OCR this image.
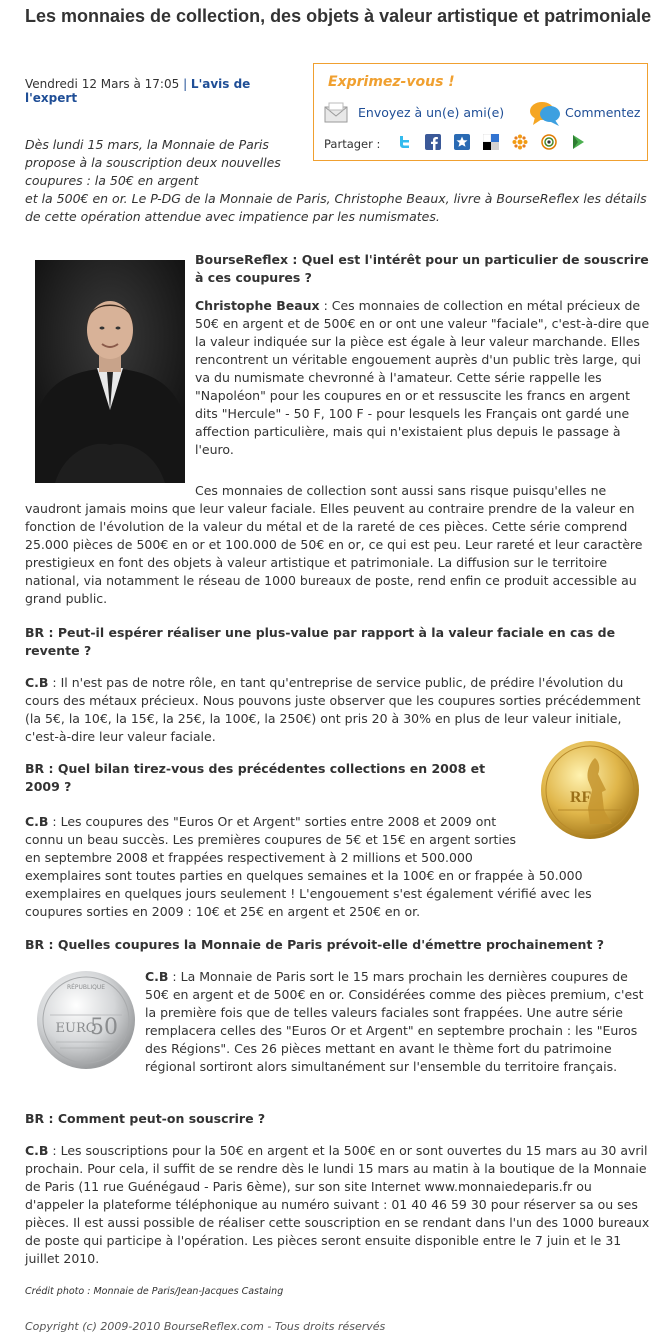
Les monnaies de collection, des objets à valeur artistique et patrimoniale
Vendredi 12 Mars à 17:05 | L'avis de l'expert
Exprimez-vous !
Envoyez à un(e) ami(e)	Commentez
Partager :
Dès lundi 15 mars, la Monnaie de Paris propose à la souscription deux nouvelles coupures : la 50€ en argent
et la 500€ en or. Le P-DG de la Monnaie de Paris, Christophe Beaux, livre à BourseReflex les détails de cette opération attendue avec impatience par les numismates.

BourseReflex : Quel est l'intérêt pour un particulier de souscrire à ces coupures ?

Christophe Beaux : Ces monnaies de collection en métal précieux de 50€ en argent et de 500€ en or ont une valeur "faciale", c'est-à-dire que la valeur indiquée sur la pièce est égale à leur valeur marchande. Elles rencontrent un véritable engouement auprès d'un public très large, qui va du numismate chevronné à l'amateur. Cette série rappelle les "Napoléon" pour les coupures en or et ressuscite les francs en argent dits "Hercule" - 50 F, 100 F - pour lesquels les Français ont gardé une affection particulière, mais qui n'existaient plus depuis le passage à l'euro.

Ces monnaies de collection sont aussi sans risque puisqu'elles ne vaudront jamais moins que leur valeur faciale. Elles peuvent au contraire prendre de la valeur en fonction de l'évolution de la valeur du métal et de la rareté de ces pièces. Cette série comprend 25.000 pièces de 500€ en or et 100.000 de 50€ en or, ce qui est peu. Leur rareté et leur caractère prestigieux en font des objets à valeur artistique et patrimoniale. La diffusion sur le territoire national, via notamment le réseau de 1000 bureaux de poste, rend enfin ce produit accessible au grand public.

BR : Peut-il espérer réaliser une plus-value par rapport à la valeur faciale en cas de revente ?

C.B : Il n'est pas de notre rôle, en tant qu'entreprise de service public, de prédire l'évolution du cours des métaux précieux. Nous pouvons juste observer que les coupures sorties précédemment (la 5€, la 10€, la 15€, la 25€, la 100€, la 250€) ont pris 20 à 30% en plus de leur valeur initiale, c'est-à-dire leur valeur faciale.

RF

BR : Quel bilan tirez-vous des précédentes collections en 2008 et 2009 ?

C.B : Les coupures des "Euros Or et Argent" sorties entre 2008 et 2009 ont connu un beau succès. Les premières coupures de 5€ et 15€ en argent sorties en septembre 2008 et frappées respectivement à 2 millions et 500.000 exemplaires sont toutes parties en quelques semaines et la 100€ en or frappée à 50.000 exemplaires en quelques jours seulement ! L'engouement s'est également vérifié avec les coupures sorties en 2009 : 10€ et 25€ en argent et 250€ en or.

BR : Quelles coupures la Monnaie de Paris prévoit-elle d'émettre prochainement ?

RÉPUBLIQUE
EURO
50

C.B : La Monnaie de Paris sort le 15 mars prochain les dernières coupures de 50€ en argent et de 500€ en or. Considérées comme des pièces premium, c'est la première fois que de telles valeurs faciales sont frappées. Une autre série remplacera celles des "Euros Or et Argent" en septembre prochain : les "Euros des Régions". Ces 26 pièces mettant en avant le thème fort du patrimoine régional sortiront alors simultanément sur l'ensemble du territoire français.

BR : Comment peut-on souscrire ?

C.B : Les souscriptions pour la 50€ en argent et la 500€ en or sont ouvertes du 15 mars au 30 avril prochain. Pour cela, il suffit de se rendre dès le lundi 15 mars au matin à la boutique de la Monnaie de Paris (11 rue Guénégaud - Paris 6ème), sur son site Internet www.monnaiedeparis.fr ou d'appeler la plateforme téléphonique au numéro suivant : 01 40 46 59 30 pour réserver sa ou ses pièces. Il est aussi possible de réaliser cette souscription en se rendant dans l'un des 1000 bureaux de poste qui participe à l'opération. Les pièces seront ensuite disponible entre le 7 juin et le 31 juillet 2010.

Crédit photo : Monnaie de Paris/Jean-Jacques Castaing
Copyright (c) 2009-2010 BourseReflex.com - Tous droits réservés
